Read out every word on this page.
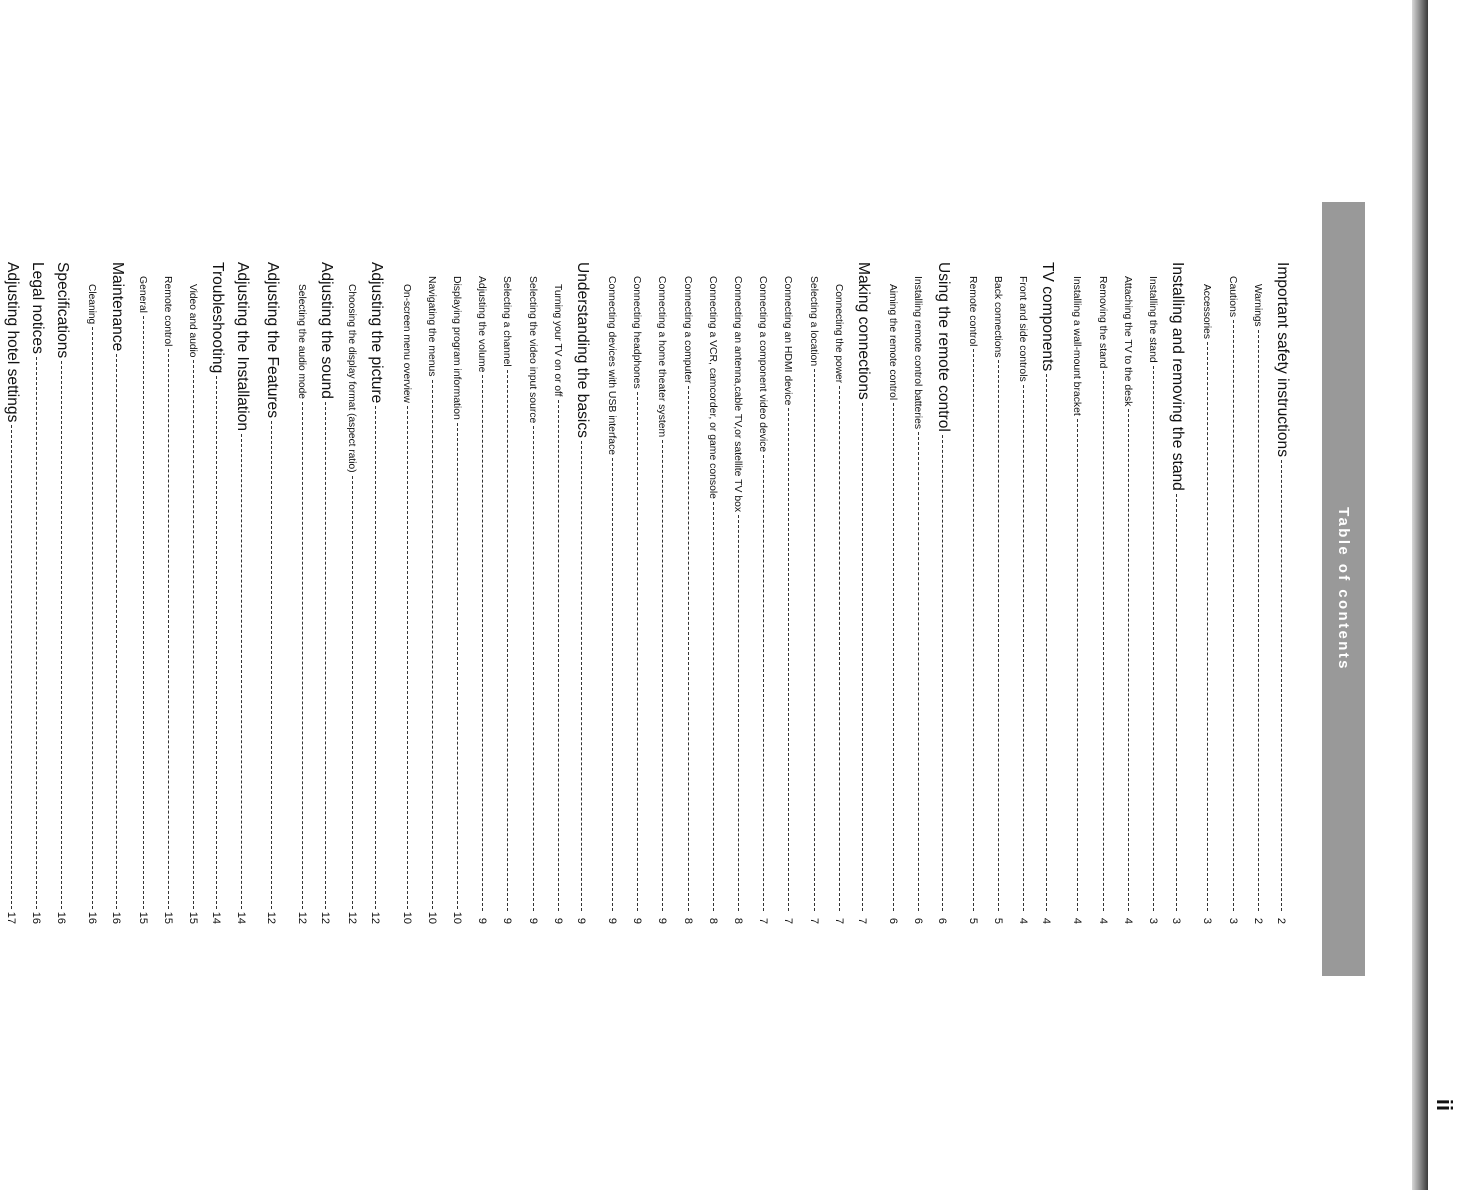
ii
Table of contents
Important safety instructions
2
Warnings
2
Cautions
3
Accessories
3
Installing and removing the stand
3
Installing the stand
3
Attaching the TV to the desk
4
Removing the stand
4
Installing a wall-mount bracket
4
TV components
4
Front and side controls
4
Back connections
5
Remote control
5
Using the remote control
6
Installing remote control batteries
6
Aiming the remote control
6
Making connections
7
Connecting the power
7
Selecting a location
7
Connecting an HDMI device
7
Connecting a component video device
7
Connecting an antenna,cable TV,or satellite TV box
8
Connecting a VCR, camcorder, or game console
8
Connecting a computer
8
Connecting a home theater system
9
Connecting headphones
9
Connecting devices with USB interface
9
Understanding the basics
9
Turning your TV on or off
9
Selecting the video input source
9
Selecting a channel
9
Adjusting the volume
9
Displaying program information
10
Navigating the menus
10
On-screen menu overview
10
Adjusting the picture
12
Choosing the display format (aspect ratio)
12
Adjusting the sound
12
Selecting the audio mode
12
Adjusting the Features
12
Adjusting the Installation
14
Troubleshooting
14
Video and audio
15
Remote control
15
General
15
Maintenance
16
Cleaning
16
Specifications
16
Legal notices
16
Adjusting hotel settings
17
